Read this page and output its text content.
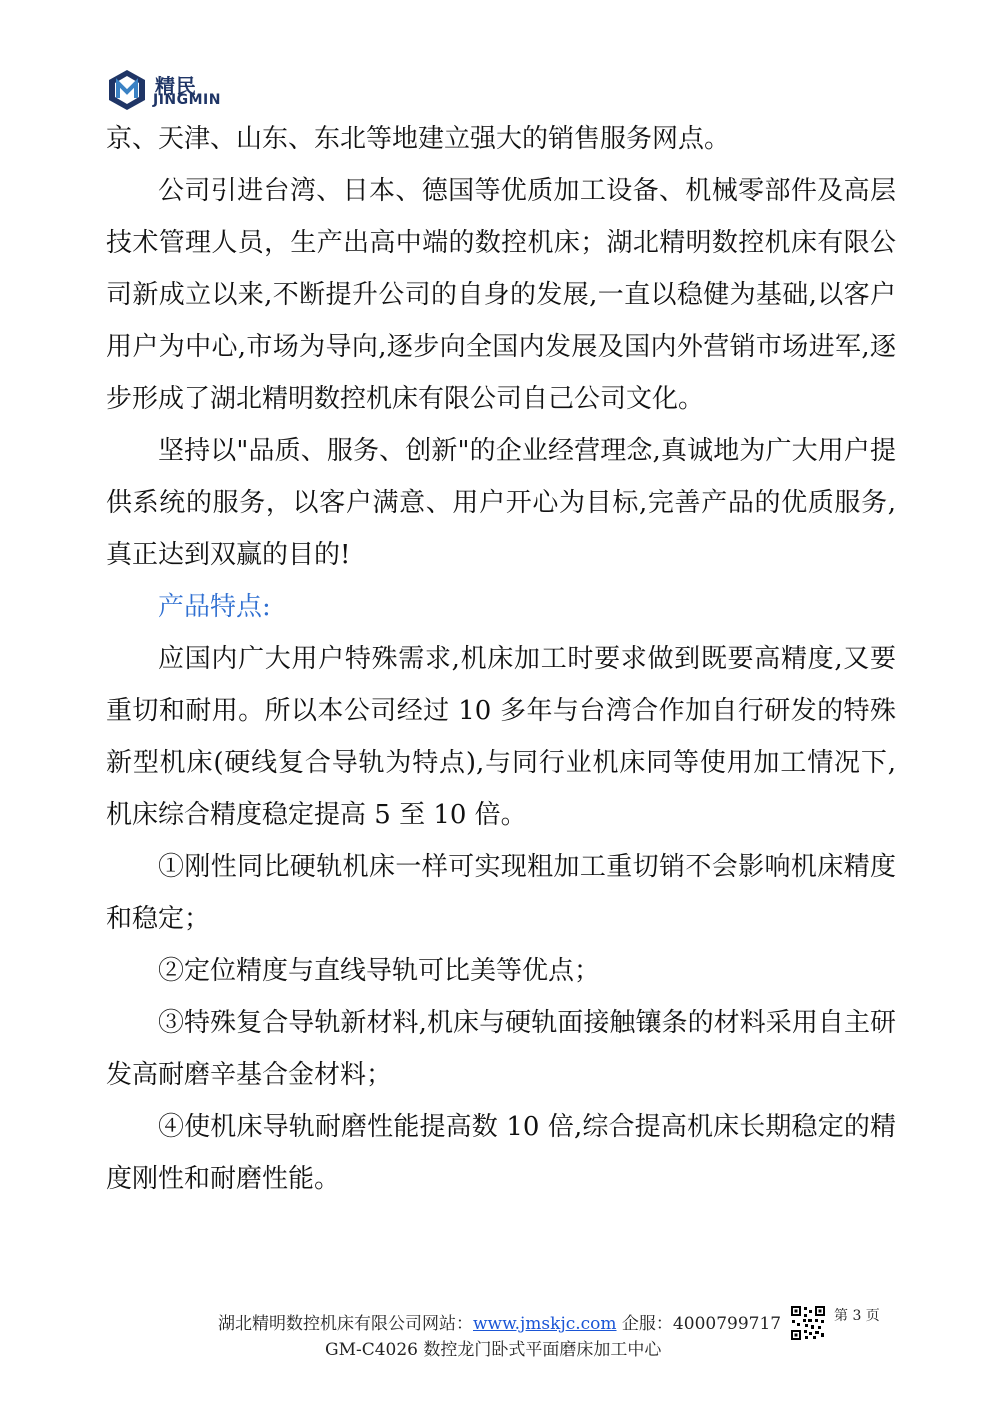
精民
JINGMIN

京、天津、山东、东北等地建立强大的销售服务网点。

公司引进台湾、日本、德国等优质加工设备、机械零部件及高层技术管理人员，生产出高中端的数控机床；湖北精明数控机床有限公司新成立以来,不断提升公司的自身的发展,一直以稳健为基础,以客户用户为中心,市场为导向,逐步向全国内发展及国内外营销市场进军,逐步形成了湖北精明数控机床有限公司自己公司文化。

坚持以"品质、服务、创新"的企业经营理念,真诚地为广大用户提供系统的服务，以客户满意、用户开心为目标,完善产品的优质服务,真正达到双赢的目的!

产品特点:

应国内广大用户特殊需求,机床加工时要求做到既要高精度,又要重切和耐用。所以本公司经过 10 多年与台湾合作加自行研发的特殊新型机床(硬线复合导轨为特点),与同行业机床同等使用加工情况下,机床综合精度稳定提高 5 至 10 倍。

①刚性同比硬轨机床一样可实现粗加工重切销不会影响机床精度和稳定；

②定位精度与直线导轨可比美等优点；

③特殊复合导轨新材料,机床与硬轨面接触镶条的材料采用自主研发高耐磨辛基合金材料；

④使机床导轨耐磨性能提高数 10 倍,综合提高机床长期稳定的精度刚性和耐磨性能。

湖北精明数控机床有限公司网站：www.jmskjc.com 企服：4000799717	第 3 页
GM-C4026 数控龙门卧式平面磨床加工中心
